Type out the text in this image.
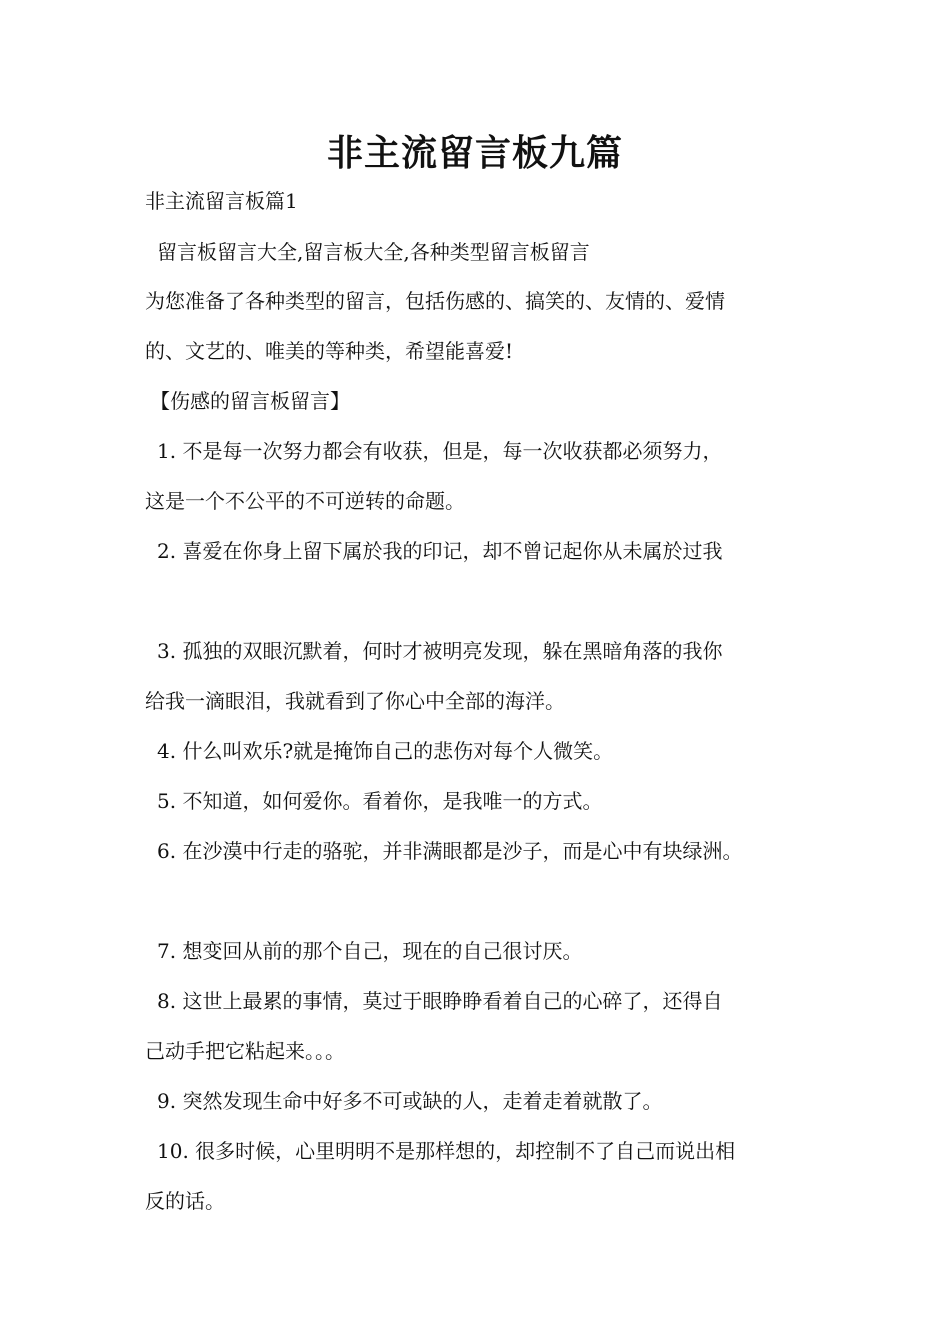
非主流留言板九篇

非主流留言板篇1

留言板留言大全,留言板大全,各种类型留言板留言

为您准备了各种类型的留言，包括伤感的、搞笑的、友情的、爱情

的、文艺的、唯美的等种类，希望能喜爱!

【伤感的留言板留言】

1. 不是每一次努力都会有收获，但是，每一次收获都必须努力，

这是一个不公平的不可逆转的命题。

2. 喜爱在你身上留下属於我的印记，却不曾记起你从未属於过我

3. 孤独的双眼沉默着，何时才被明亮发现，躲在黑暗角落的我你

给我一滴眼泪，我就看到了你心中全部的海洋。

4. 什么叫欢乐?就是掩饰自己的悲伤对每个人微笑。

5. 不知道，如何爱你。看着你，是我唯一的方式。

6. 在沙漠中行走的骆驼，并非满眼都是沙子，而是心中有块绿洲。

7. 想变回从前的那个自己，现在的自己很讨厌。

8. 这世上最累的事情，莫过于眼睁睁看着自己的心碎了，还得自

己动手把它粘起来。。。

9. 突然发现生命中好多不可或缺的人，走着走着就散了。

10. 很多时候，心里明明不是那样想的，却控制不了自己而说出相

反的话。
